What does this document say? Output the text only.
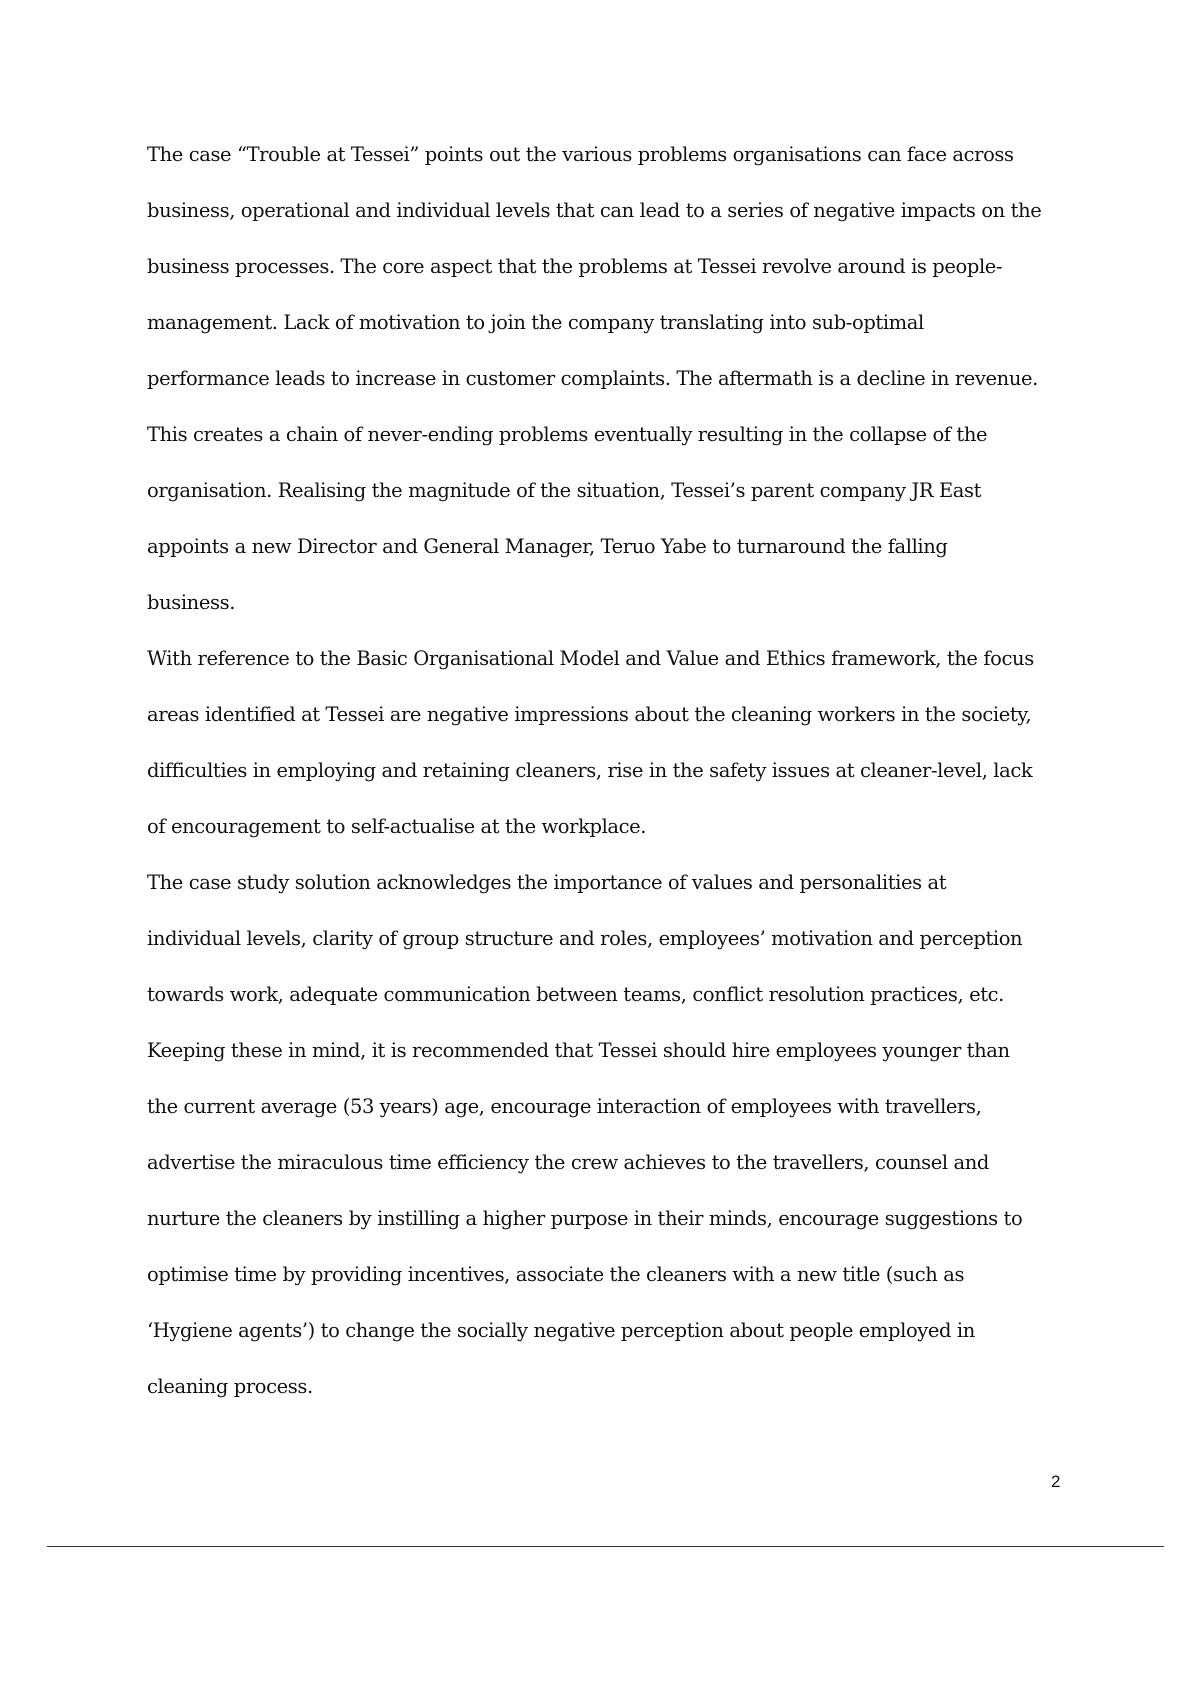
The case “Trouble at Tessei” points out the various problems organisations can face across
business, operational and individual levels that can lead to a series of negative impacts on the
business processes. The core aspect that the problems at Tessei revolve around is people-
management. Lack of motivation to join the company translating into sub-optimal
performance leads to increase in customer complaints. The aftermath is a decline in revenue.
This creates a chain of never-ending problems eventually resulting in the collapse of the
organisation. Realising the magnitude of the situation, Tessei’s parent company JR East
appoints a new Director and General Manager, Teruo Yabe to turnaround the falling
business.
With reference to the Basic Organisational Model and Value and Ethics framework, the focus
areas identified at Tessei are negative impressions about the cleaning workers in the society,
difficulties in employing and retaining cleaners, rise in the safety issues at cleaner-level, lack
of encouragement to self-actualise at the workplace.
The case study solution acknowledges the importance of values and personalities at
individual levels, clarity of group structure and roles, employees’ motivation and perception
towards work, adequate communication between teams, conflict resolution practices, etc.
Keeping these in mind, it is recommended that Tessei should hire employees younger than
the current average (53 years) age, encourage interaction of employees with travellers,
advertise the miraculous time efficiency the crew achieves to the travellers, counsel and
nurture the cleaners by instilling a higher purpose in their minds, encourage suggestions to
optimise time by providing incentives, associate the cleaners with a new title (such as
‘Hygiene agents’) to change the socially negative perception about people employed in
cleaning process.
2
